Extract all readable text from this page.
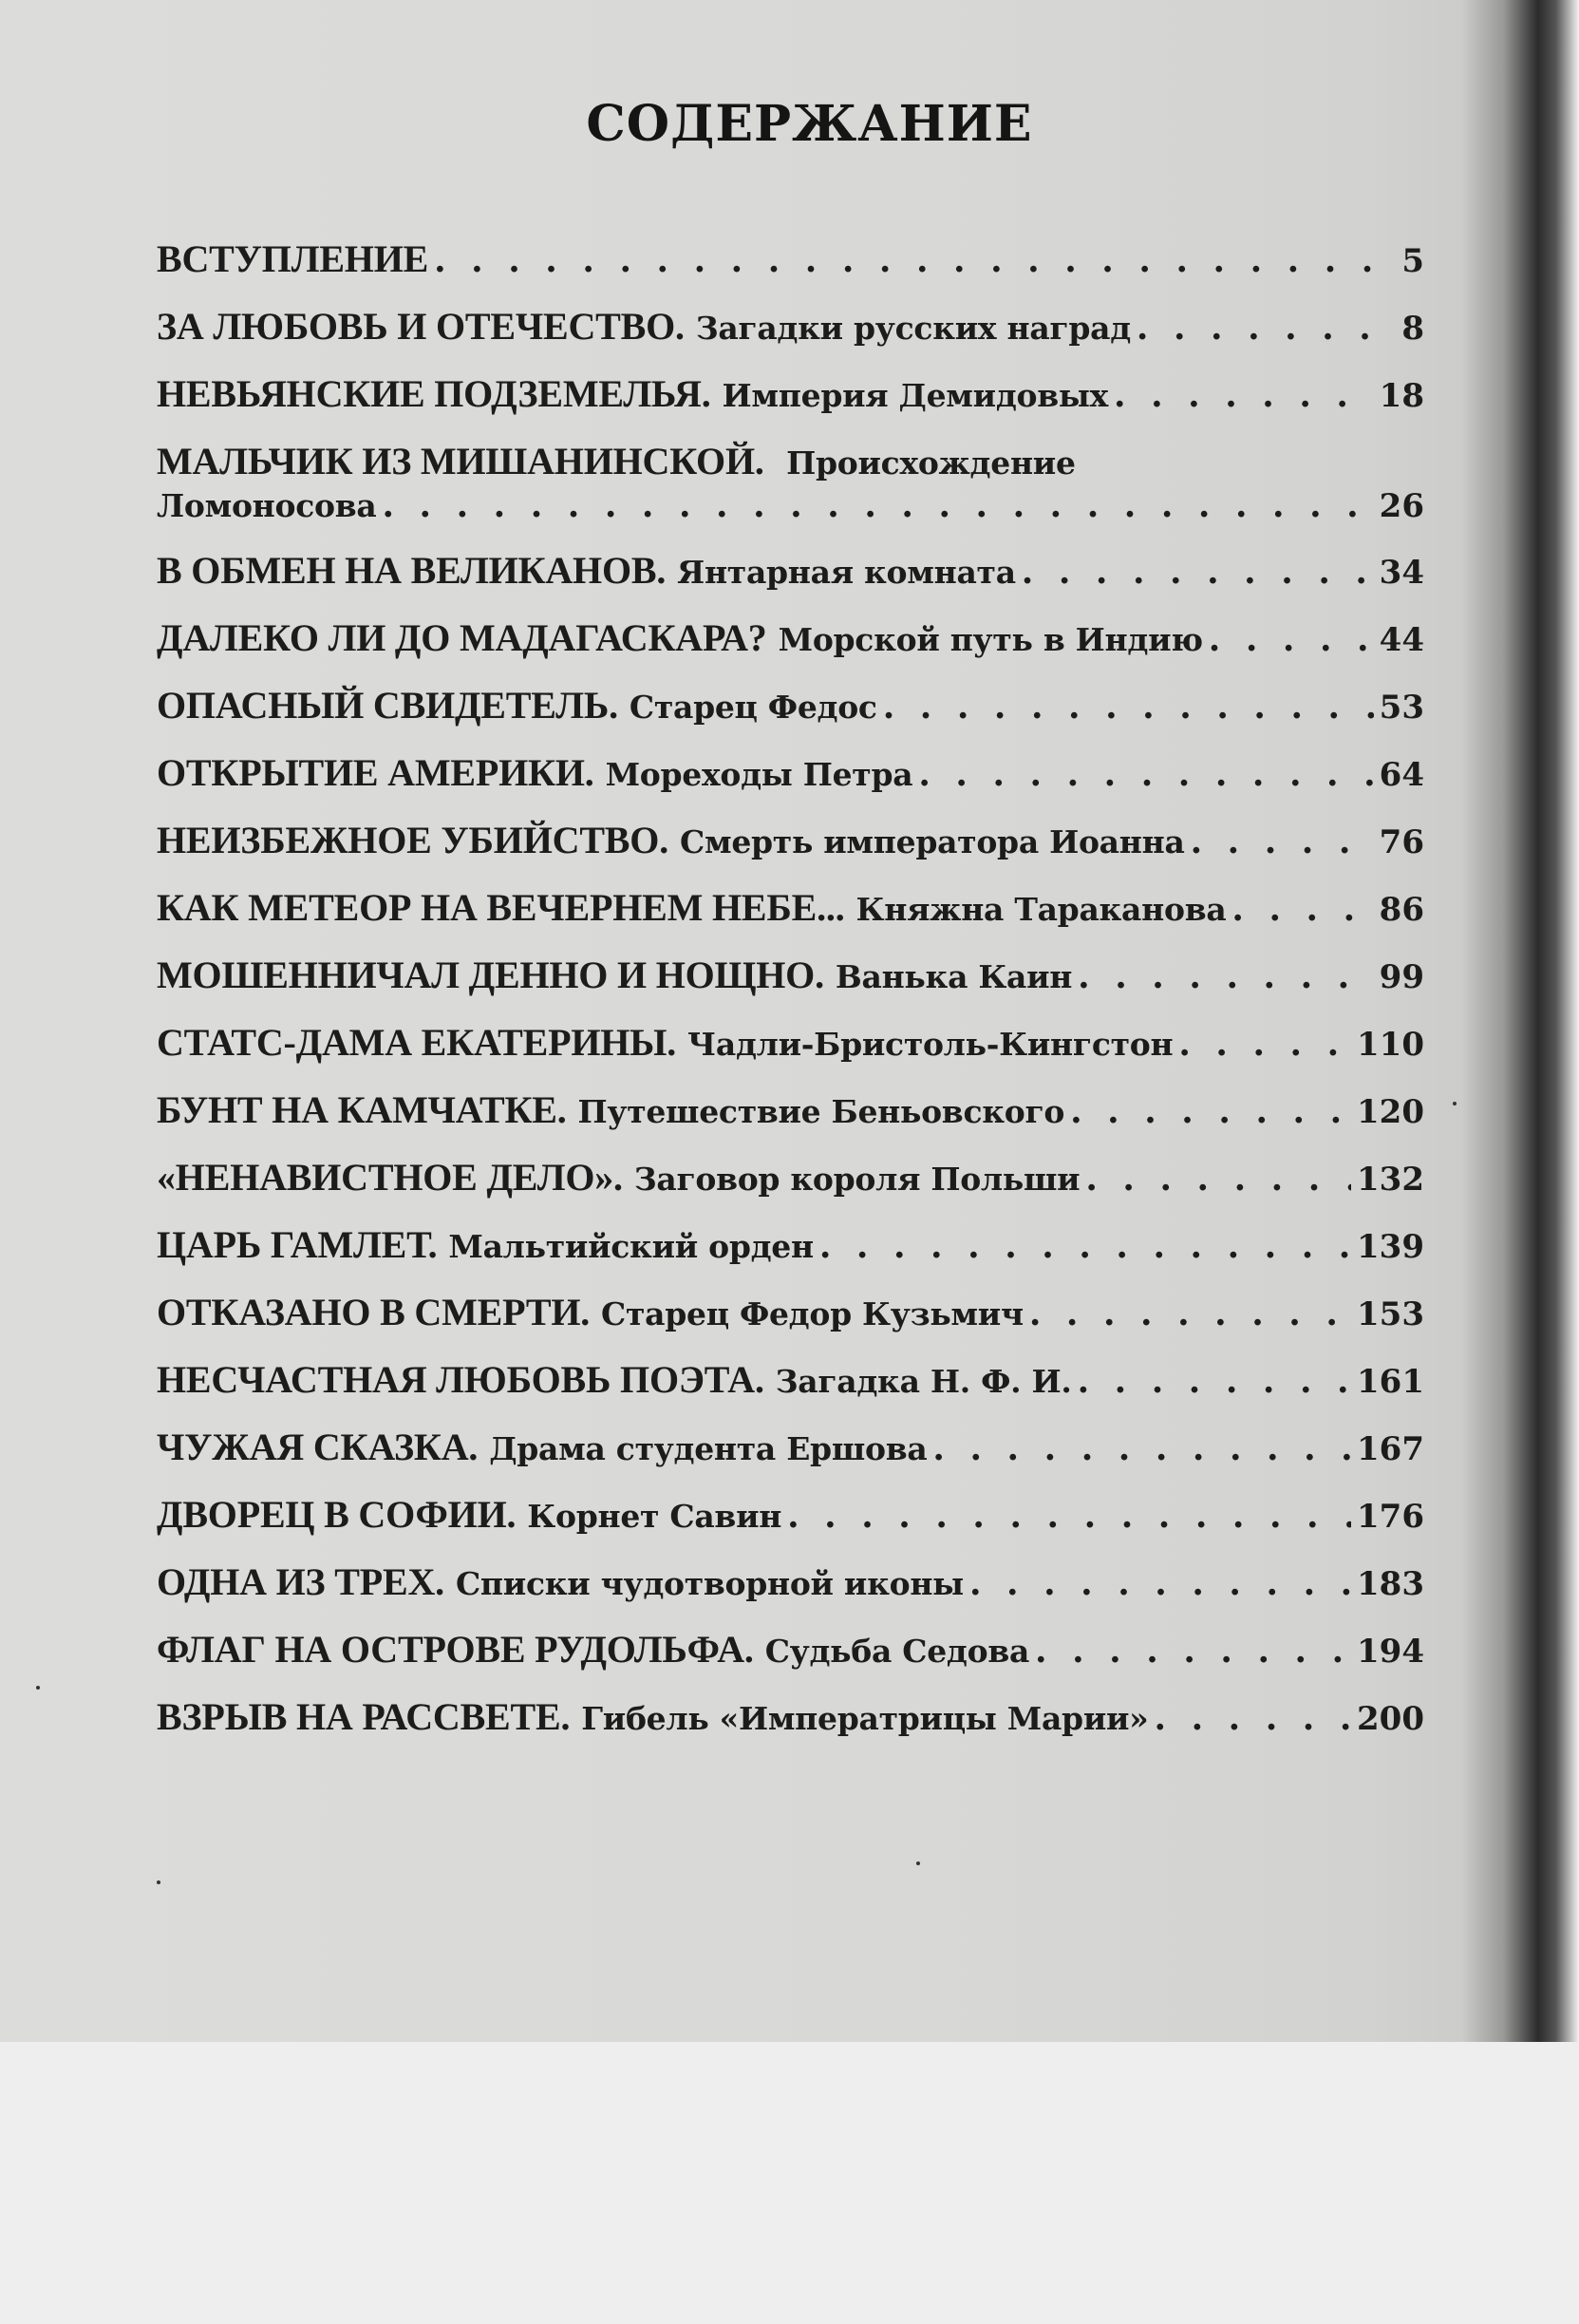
СОДЕРЖАНИЕ
ВСТУПЛЕНИЕ . . .	5
ЗА ЛЮБОВЬ И ОТЕЧЕСТВО. Загадки русских наград . . .	8
НЕВЬЯНСКИЕ ПОДЗЕМЕЛЬЯ. Империя Демидовых . . .	18
МАЛЬЧИК ИЗ МИШАНИНСКОЙ. Происхождение
Ломоносова . . .	26
В ОБМЕН НА ВЕЛИКАНОВ. Янтарная комната . . .	34
ДАЛЕКО ЛИ ДО МАДАГАСКАРА? Морской путь в Индию . . .	44
ОПАСНЫЙ СВИДЕТЕЛЬ. Старец Федос . . .	53
ОТКРЫТИЕ АМЕРИКИ. Мореходы Петра . . .	64
НЕИЗБЕЖНОЕ УБИЙСТВО. Смерть императора Иоанна . . .	76
КАК МЕТЕОР НА ВЕЧЕРНЕМ НЕБЕ... Княжна Тараканова . . .	86
МОШЕННИЧАЛ ДЕННО И НОЩНО. Ванька Каин . . .	99
СТАТС-ДАМА ЕКАТЕРИНЫ. Чадли-Бристоль-Кингстон . . .	110
БУНТ НА КАМЧАТКЕ. Путешествие Беньовского . . .	120
«НЕНАВИСТНОЕ ДЕЛО». Заговор короля Польши . . .	132
ЦАРЬ ГАМЛЕТ. Мальтийский орден . . .	139
ОТКАЗАНО В СМЕРТИ. Старец Федор Кузьмич . . .	153
НЕСЧАСТНАЯ ЛЮБОВЬ ПОЭТА. Загадка Н. Ф. И. . . .	161
ЧУЖАЯ СКАЗКА. Драма студента Ершова . . .	167
ДВОРЕЦ В СОФИИ. Корнет Савин . . .	176
ОДНА ИЗ ТРЕХ. Списки чудотворной иконы . . .	183
ФЛАГ НА ОСТРОВЕ РУДОЛЬФА. Судьба Седова . . .	194
ВЗРЫВ НА РАССВЕТЕ. Гибель «Императрицы Марии» . . .	200
